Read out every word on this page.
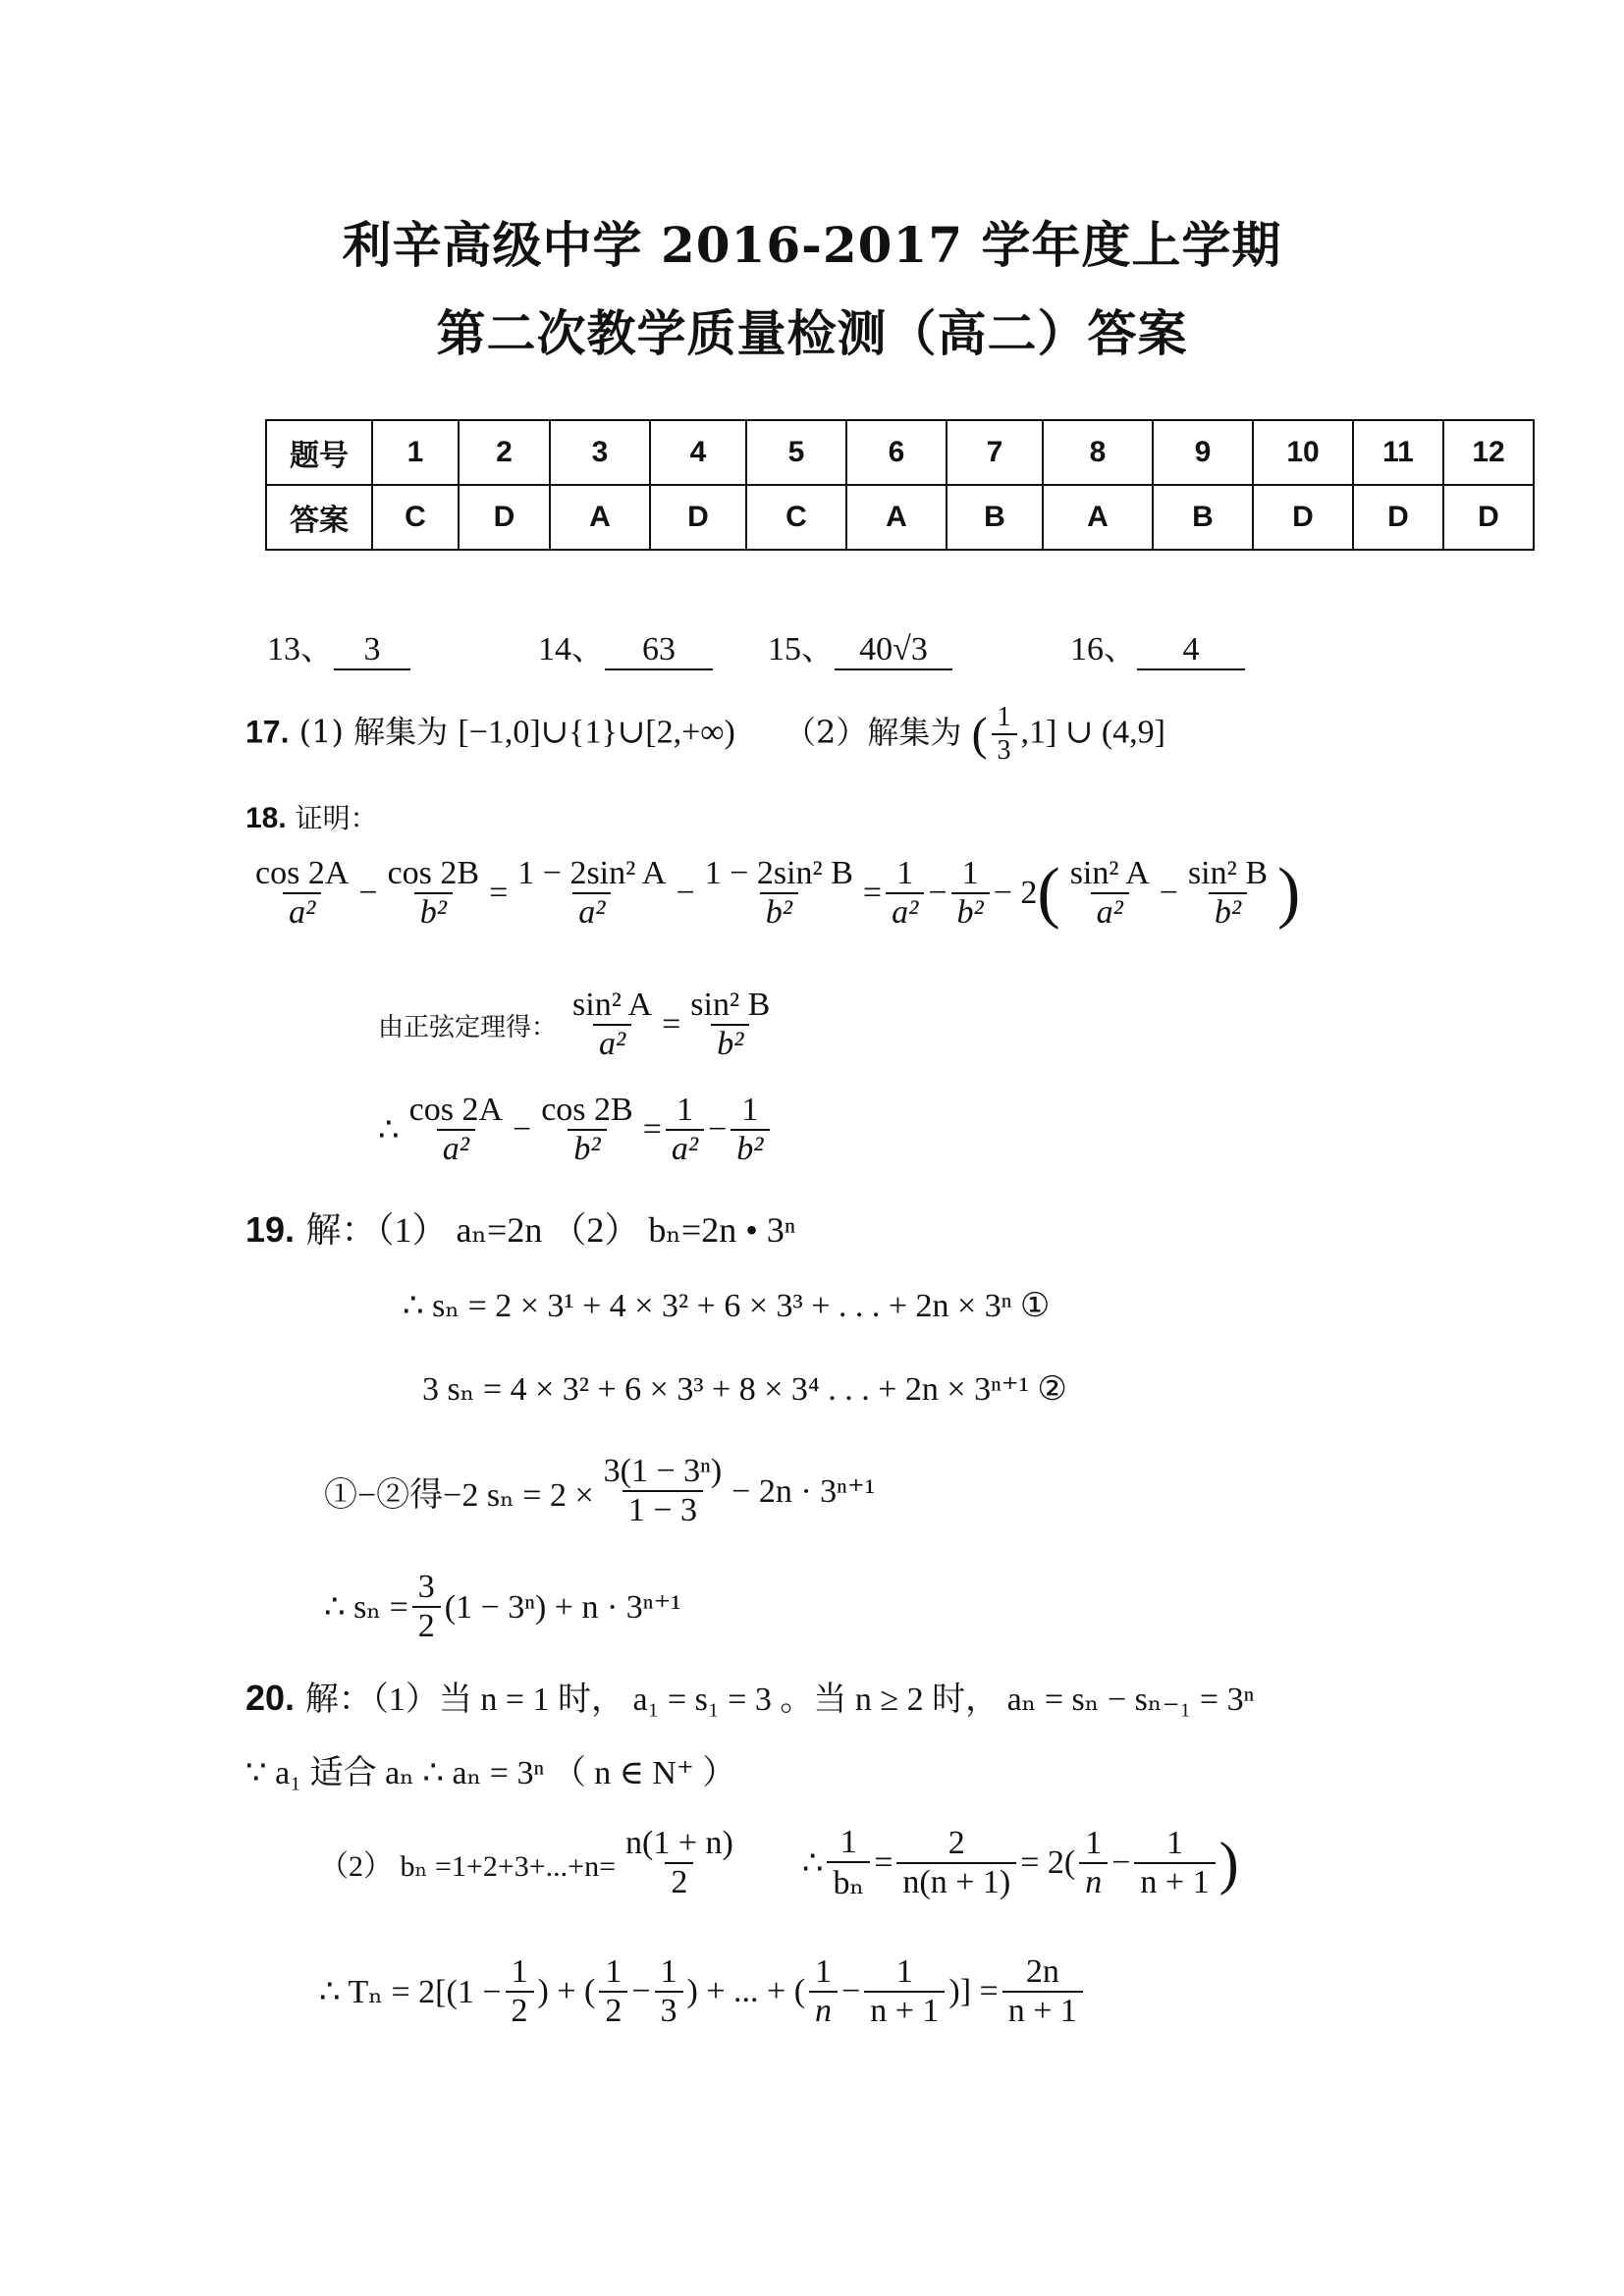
利辛高级中学 2016-2017 学年度上学期
第二次教学质量检测（高二）答案
题号	1	2	3	4	5	6	7	8	9	10	11	12
答案	C	D	A	D	C	A	B	A	B	D	D	D
13、 3	14、 63	15、 40√3	16、 4
17. (1) 解集为 [−1,0]∪{1}∪[2,+∞) （2）解集为 ( $\frac{1}{3} ,1$] ∪ (4,9]
18. 证明：
$\frac{\cos 2A}{\text{a²}} - \frac{\cos 2B}{\text{b²}} = \frac{\text{1 − 2sin² A}}{\text{a²}} - \frac{\text{1 − 2sin² B}}{\text{b²}} = \frac{1}{\text{a²}} - \frac{1}{\text{b²}} - 2$ ( $\frac{\text{sin² A}}{\text{a²}} - \frac{\text{sin² B}}{\text{b²}}$ )
由正弦定理得： $\frac{\text{sin² A}}{\text{a²}} = \frac{\text{sin² B}}{\text{b²}}$
∴ $\frac{\cos 2A}{\text{a²}} - \frac{\cos 2B}{\text{b²}} = \frac{1}{\text{a²}} - \frac{1}{\text{b²}}$
19. 解：（1） aₙ=2n （2） bₙ=2n • 3ⁿ
∴ sₙ = 2 × 3¹ + 4 × 3² + 6 × 3³ + . . . + 2n × 3ⁿ ①
3 sₙ = 4 × 3² + 6 × 3³ + 8 × 3⁴ . . . + 2n × 3ⁿ⁺¹ ②
①−②得−2 $s_n = 2 \times \frac{\text{3(1 − 3ⁿ)}}{1 - 3} - 2n \cdot 3^{n+1}$
∴ $s_n = \frac{3}{2} (1 - 3^n) + n \cdot 3^{n+1}$
20. 解：（1）当 n = 1 时， a₁ = s₁ = 3 。当 n ≥ 2 时， aₙ = sₙ − sₙ₋₁ = 3ⁿ
∵ a₁ 适合 aₙ ∴ aₙ = 3ⁿ （ n ∈ N⁺ ）
（2） $b_n =1+2+3+...+n= \frac{n(1 + n)}{2}$ ∴ $\frac{1}{\text{bₙ}} = \frac{2}{n(n + 1)} = 2( \frac{1}{n} - \frac{1}{n + 1}$ )
∴ $T_n = 2[(1 - \frac{1}{2}$ ) + ( $\frac{1}{2} - \frac{1}{3}$ ) + ... + ( $\frac{1}{n} - \frac{1}{n + 1}$ )] = $\frac{2n}{n + 1}$
